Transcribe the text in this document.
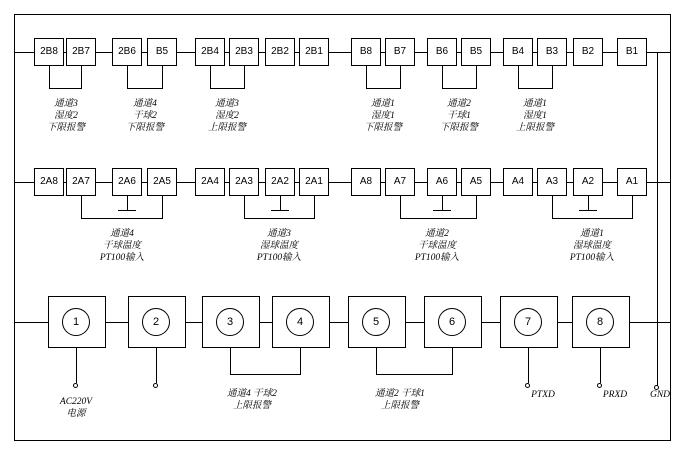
2B8 2B7	2B6 B5	2B4 2B3 2B2 2B1	B8 B7	B6 B5	B4 B3 B2	B1
通道3
湿度2
下限报警
通道4
干球2
下限报警
通道3
湿度2
上限报警
通道1
湿度1
下限报警
通道2
干球1
下限报警
通道1
湿度1
上限报警
2A8 2A7	2A6 2A5	2A4 2A3 2A2 2A1	A8 A7	A6 A5	A4 A3 A2	A1
通道4
干球温度
PT100输入
通道3
湿球温度
PT100输入
通道2
干球温度
PT100输入
通道1
湿球温度
PT100输入
1	2	3	4	5	6	7	8
AC220V
电源
通道4 干球2
上限报警
通道2 干球1
上限报警
PTXD	PRXD GND
